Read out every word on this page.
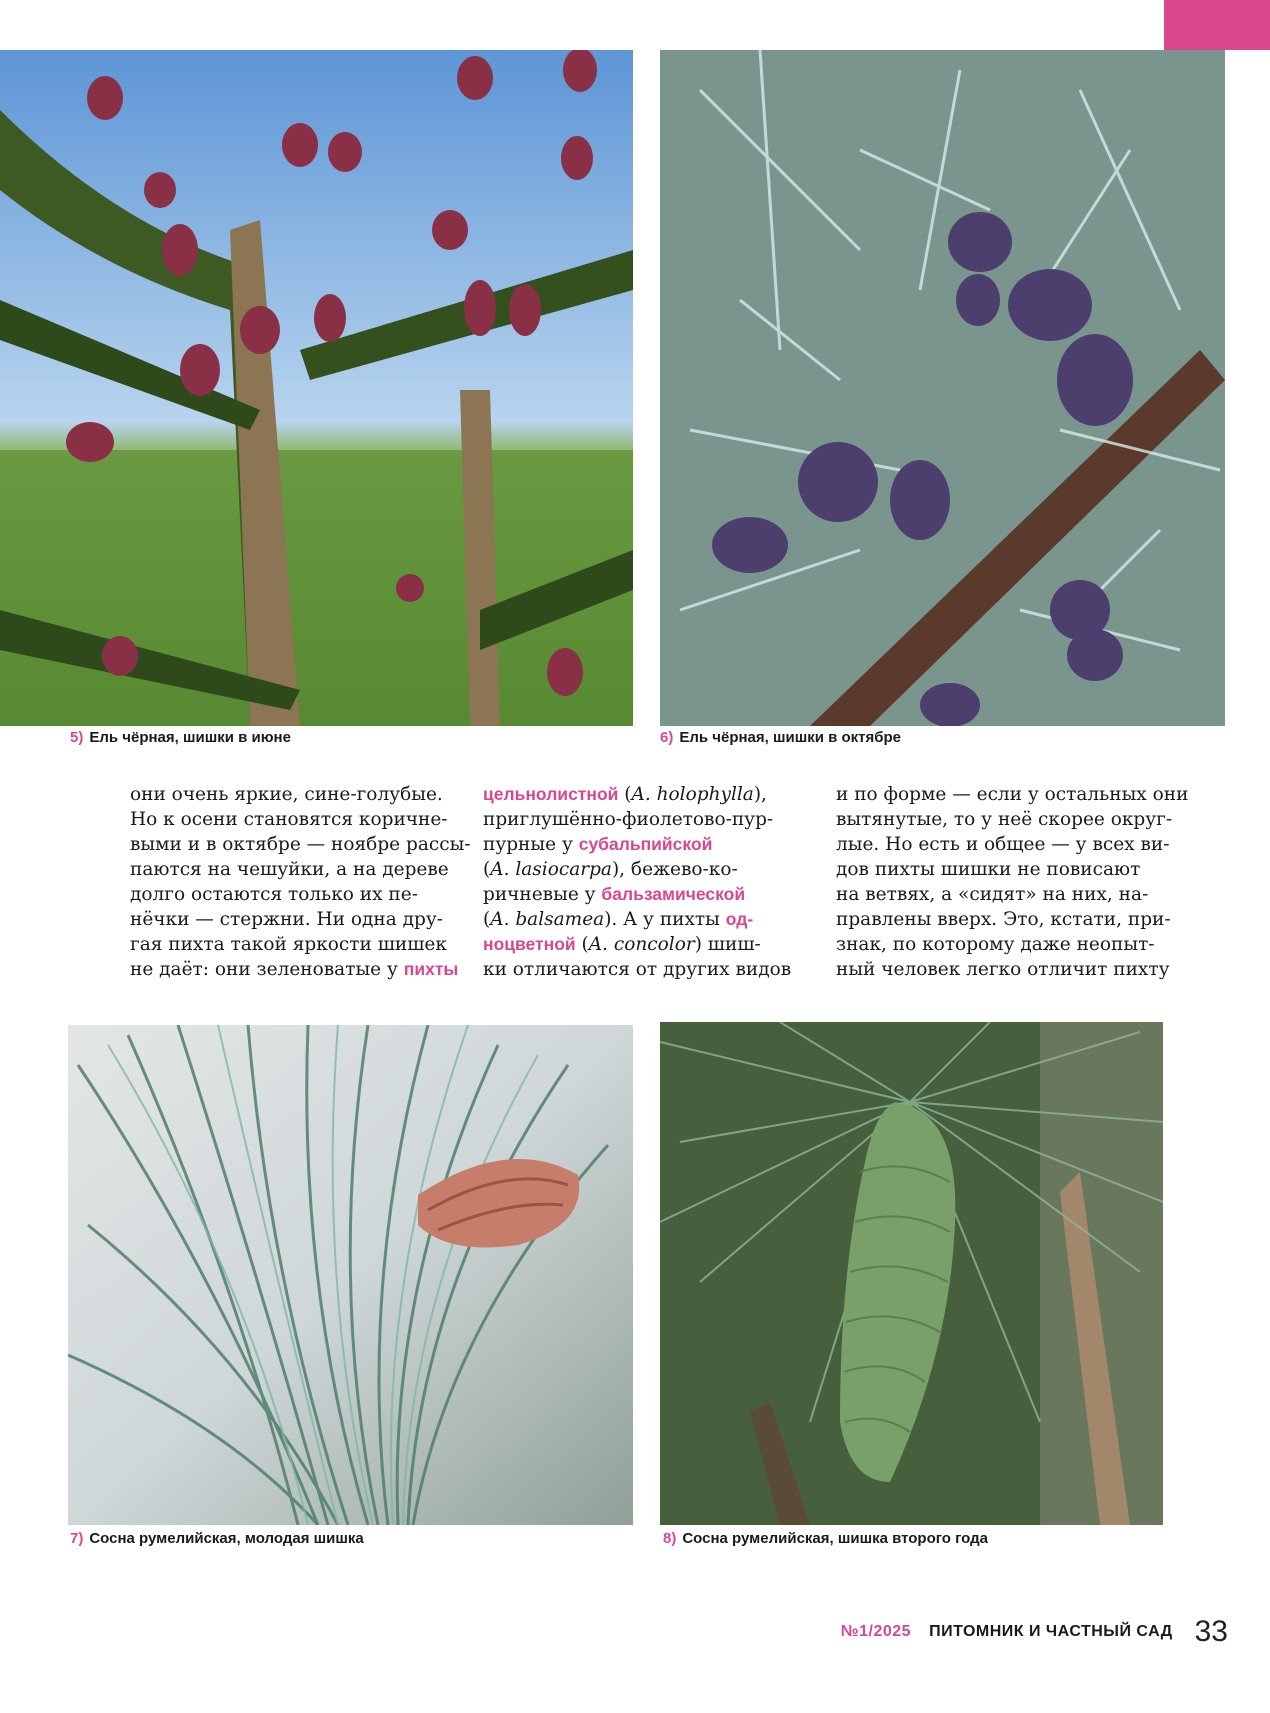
5) Ель чёрная, шишки в июне	6) Ель чёрная, шишки в октябре
они очень яркие, сине-голубые.
Но к осени становятся коричне-
выми и в октябре — ноябре рассы-
паются на чешуйки, а на дереве
долго остаются только их пе-
нёчки — стержни. Ни одна дру-
гая пихта такой яркости шишек
не даёт: они зеленоватые у пихты
цельнолистной (A. holophylla),
приглушённо-фиолетово-пур-
пурные у субальпийской
(A. lasiocarpa), бежево-ко-
ричневые у бальзамической
(A. balsamea). А у пихты од-
ноцветной (A. concolor) шиш-
ки отличаются от других видов
и по форме — если у остальных они
вытянутые, то у неё скорее округ-
лые. Но есть и общее — у всех ви-
дов пихты шишки не повисают
на ветвях, а «сидят» на них, на-
правлены вверх. Это, кстати, при-
знак, по которому даже неопыт-
ный человек легко отличит пихту
7) Сосна румелийская, молодая шишка	8) Сосна румелийская, шишка второго года
№1/2025 ПИТОМНИК И ЧАСТНЫЙ САД 33
